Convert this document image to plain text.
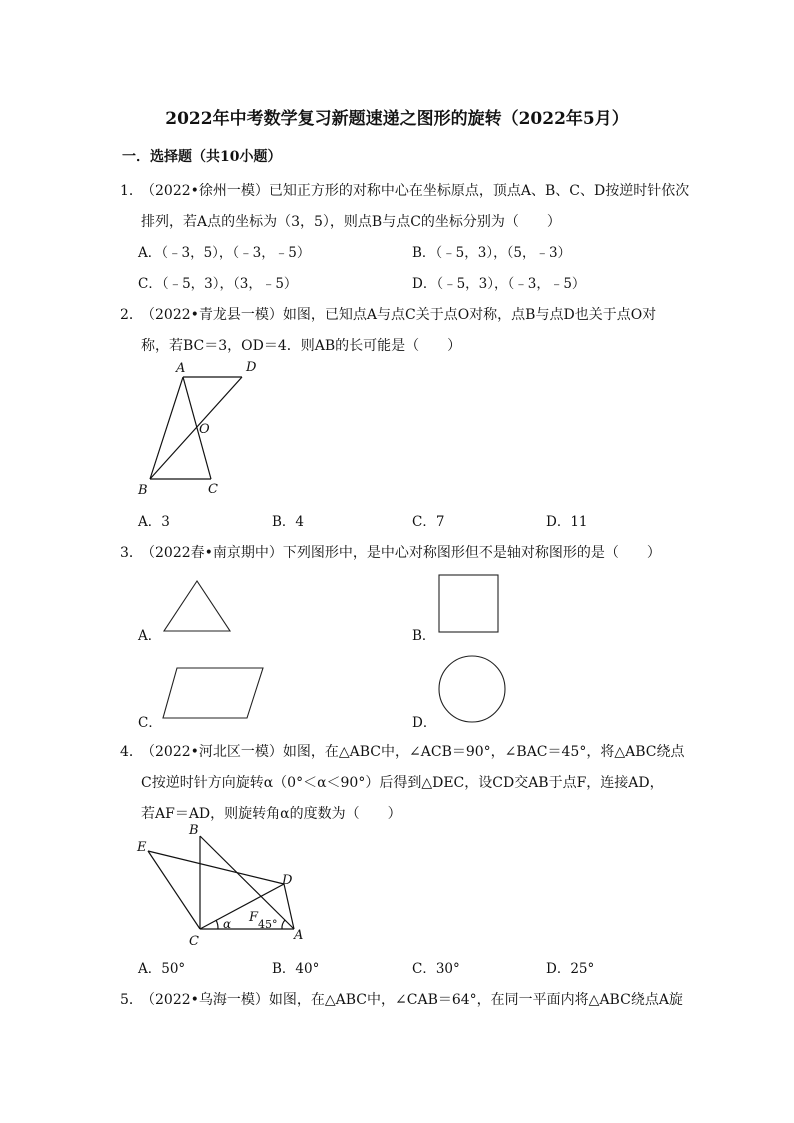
2022年中考数学复习新题速递之图形的旋转（2022年5月）
一．选择题（共10小题）
1．
（2022•徐州一模）已知正方形的对称中心在坐标原点，顶点A、B、C、D按逆时针依次
排列，若A点的坐标为（3，5），则点B与点C的坐标分别为（　　）
A．（﹣3，5），（﹣3，﹣5）	B．（﹣5，3），（5，﹣3）
C．（﹣5，3），（3，﹣5）	D．（﹣5，3），（﹣3，﹣5）
2．
（2022•青龙县一模）如图，已知点A与点C关于点O对称，点B与点D也关于点O对
称，若BC＝3，OD＝4．则AB的长可能是（　　）
A	D
O
B	C
A．3	B．4	C．7	D．11
3．
（2022春•南京期中）下列图形中，是中心对称图形但不是轴对称图形的是（　　）
A．	B．
C．	D．
4．
（2022•河北区一模）如图，在△ABC中，∠ACB＝90°，∠BAC＝45°，将△ABC绕点
C按逆时针方向旋转α（0°＜α＜90°）后得到△DEC，设CD交AB于点F，连接AD，
若AF＝AD，则旋转角α的度数为（　　）
B
E
D
F
C	A
α 45°
A．50°	B．40°	C．30°	D．25°
5．
（2022•乌海一模）如图，在△ABC中，∠CAB＝64°，在同一平面内将△ABC绕点A旋
